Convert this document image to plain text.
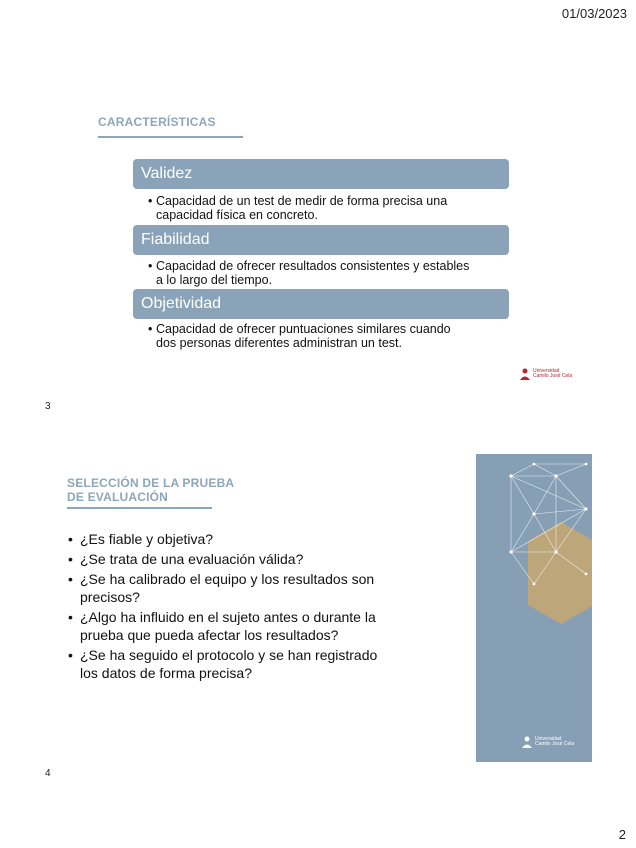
01/03/2023
CARACTERÍSTICAS
Validez
• Capacidad de un test de medir de forma precisa una
capacidad física en concreto.
Fiabilidad
• Capacidad de ofrecer resultados consistentes y estables
a lo largo del tiempo.
Objetividad
• Capacidad de ofrecer puntuaciones similares cuando
dos personas diferentes administran un test.
Universidad
Camilo José Cela
3
SELECCIÓN DE LA PRUEBA
DE EVALUACIÓN
• ¿Es fiable y objetiva?
• ¿Se trata de una evaluación válida?
• ¿Se ha calibrado el equipo y los resultados son
precisos?
• ¿Algo ha influido en el sujeto antes o durante la
prueba que pueda afectar los resultados?
• ¿Se ha seguido el protocolo y se han registrado
los datos de forma precisa?
Universidad
Camilo José Cela
4
2
